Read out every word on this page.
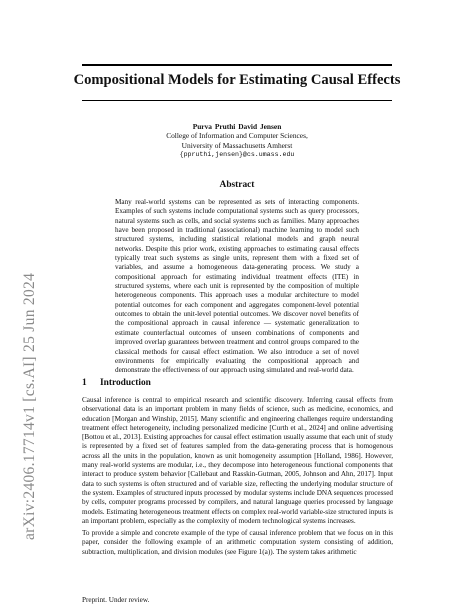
arXiv:2406.17714v1 [cs.AI] 25 Jun 2024
Compositional Models for Estimating Causal Effects
Purva Pruthi David Jensen
College of Information and Computer Sciences,
University of Massachusetts Amherst
{ppruthi,jensen}@cs.umass.edu
Abstract

Many real-world systems can be represented as sets of interacting components. Examples of such systems include computational systems such as query processors, natural systems such as cells, and social systems such as families. Many approaches have been proposed in traditional (associational) machine learning to model such structured systems, including statistical relational models and graph neural networks. Despite this prior work, existing approaches to estimating causal effects typically treat such systems as single units, represent them with a fixed set of variables, and assume a homogeneous data-generating process. We study a compositional approach for estimating individual treatment effects (ITE) in structured systems, where each unit is represented by the composition of multiple heterogeneous components. This approach uses a modular architecture to model potential outcomes for each component and aggregates component-level potential outcomes to obtain the unit-level potential outcomes. We discover novel benefits of the compositional approach in causal inference — systematic generalization to estimate counterfactual outcomes of unseen combinations of components and improved overlap guarantees between treatment and control groups compared to the classical methods for causal effect estimation. We also introduce a set of novel environments for empirically evaluating the compositional approach and demonstrate the effectiveness of our approach using simulated and real-world data.

1 Introduction

Causal inference is central to empirical research and scientific discovery. Inferring causal effects from observational data is an important problem in many fields of science, such as medicine, economics, and education [Morgan and Winship, 2015]. Many scientific and engineering challenges require understanding treatment effect heterogeneity, including personalized medicine [Curth et al., 2024] and online advertising [Bottou et al., 2013]. Existing approaches for causal effect estimation usually assume that each unit of study is represented by a fixed set of features sampled from the data-generating process that is homogenous across all the units in the population, known as unit homogeneity assumption [Holland, 1986]. However, many real-world systems are modular, i.e., they decompose into heterogeneous functional components that interact to produce system behavior [Callebaut and Rasskin-Gutman, 2005, Johnson and Ahn, 2017]. Input data to such systems is often structured and of variable size, reflecting the underlying modular structure of the system. Examples of structured inputs processed by modular systems include DNA sequences processed by cells, computer programs processed by compilers, and natural language queries processed by language models. Estimating heterogeneous treatment effects on complex real-world variable-size structured inputs is an important problem, especially as the complexity of modern technological systems increases.

To provide a simple and concrete example of the type of causal inference problem that we focus on in this paper, consider the following example of an arithmetic computation system consisting of addition, subtraction, multiplication, and division modules (see Figure 1(a)). The system takes arithmetic

Preprint. Under review.
